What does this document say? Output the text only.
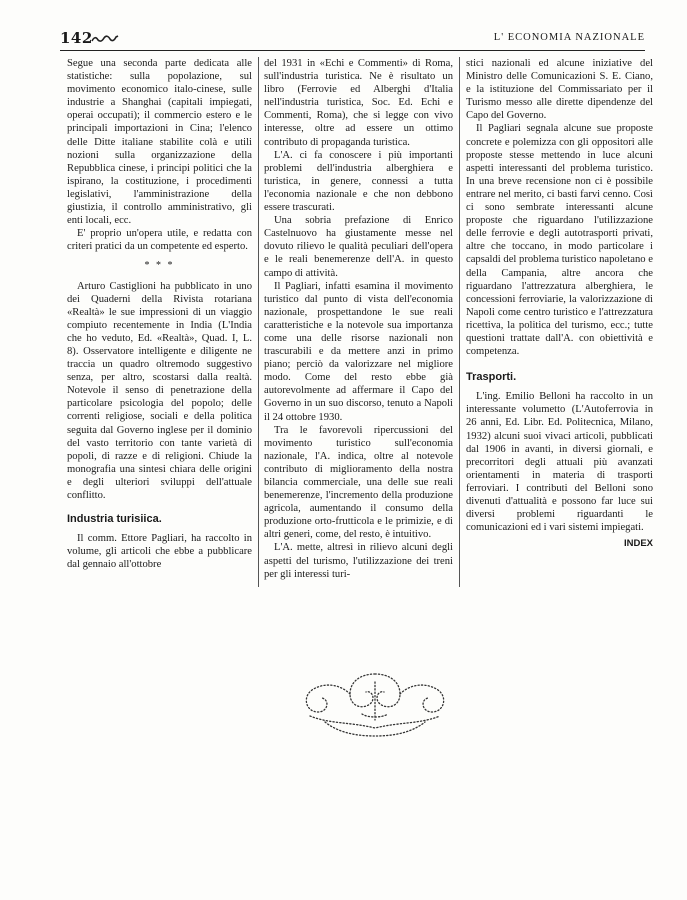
142	L' ECONOMIA NAZIONALE

Segue una seconda parte dedicata alle statistiche: sulla popolazione, sul movimento economico italo-cinese, sulle industrie a Shanghai (capitali impiegati, operai occupati); il commercio estero e le principali importazioni in Cina; l'elenco delle Ditte italiane stabilite colà e utili nozioni sulla organizzazione della Repubblica cinese, i principi politici che la ispirano, la costituzione, i procedimenti legislativi, l'amministrazione della giustizia, il controllo amministrativo, gli enti locali, ecc.

E' proprio un'opera utile, e redatta con criteri pratici da un competente ed esperto.

* * *

Arturo Castiglioni ha pubblicato in uno dei Quaderni della Rivista rotariana «Realtà» le sue impressioni di un viaggio compiuto recentemente in India (L'India che ho veduto, Ed. «Realtà», Quad. I, L. 8). Osservatore intelligente e diligente ne traccia un quadro oltremodo suggestivo senza, per altro, scostarsi dalla realtà. Notevole il senso di penetrazione della particolare psicologia del popolo; delle correnti religiose, sociali e della politica seguita dal Governo inglese per il dominio del vasto territorio con tante varietà di popoli, di razze e di religioni. Chiude la monografia una sintesi chiara delle origini e degli ulteriori sviluppi dell'attuale conflitto.

Industria turisiica.

Il comm. Ettore Pagliari, ha raccolto in volume, gli articoli che ebbe a pubblicare dal gennaio all'ottobre

del 1931 in «Echi e Commenti» di Roma, sull'industria turistica. Ne è risultato un libro (Ferrovie ed Alberghi d'Italia nell'industria turistica, Soc. Ed. Echi e Commenti, Roma), che si legge con vivo interesse, oltre ad essere un ottimo contributo di propaganda turistica.

L'A. ci fa conoscere i più importanti problemi dell'industria alberghiera e turistica, in genere, connessi a tutta l'economia nazionale e che non debbono essere trascurati.

Una sobria prefazione di Enrico Castelnuovo ha giustamente messe nel dovuto rilievo le qualità peculiari dell'opera e le reali benemerenze dell'A. in questo campo di attività.

Il Pagliari, infatti esamina il movimento turistico dal punto di vista dell'economia nazionale, prospettandone le sue reali caratteristiche e la notevole sua importanza come una delle risorse nazionali non trascurabili e da mettere anzi in primo piano; perciò da valorizzare nel migliore modo. Come del resto ebbe già autorevolmente ad affermare il Capo del Governo in un suo discorso, tenuto a Napoli il 24 ottobre 1930.

Tra le favorevoli ripercussioni del movimento turistico sull'economia nazionale, l'A. indica, oltre al notevole contributo di miglioramento della nostra bilancia commerciale, una delle sue reali benemerenze, l'incremento della produzione agricola, aumentando il consumo della produzione orto-frutticola e le primizie, e di altri generi, come, del resto, è intuitivo.

L'A. mette, altresì in rilievo alcuni degli aspetti del turismo, l'utilizzazione dei treni per gli interessi turi-

stici nazionali ed alcune iniziative del Ministro delle Comunicazioni S. E. Ciano, e la istituzione del Commissariato per il Turismo messo alle dirette dipendenze del Capo del Governo.

Il Pagliari segnala alcune sue proposte concrete e polemizza con gli oppositori alle proposte stesse mettendo in luce alcuni aspetti interessanti del problema turistico. In una breve recensione non ci è possibile entrare nel merito, ci basti farvi cenno. Così ci sono sembrate interessanti alcune proposte che riguardano l'utilizzazione delle ferrovie e degli autotrasporti privati, altre che toccano, in modo particolare i capsaldi del problema turistico napoletano e della Campania, altre ancora che riguardano l'attrezzatura alberghiera, le concessioni ferroviarie, la valorizzazione di Napoli come centro turistico e l'attrezzatura ricettiva, la politica del turismo, ecc.; tutte questioni trattate dall'A. con obiettività e competenza.

Trasporti.

L'ing. Emilio Belloni ha raccolto in un interessante volumetto (L'Autoferrovia in 26 anni, Ed. Libr. Ed. Politecnica, Milano, 1932) alcuni suoi vivaci articoli, pubblicati dal 1906 in avanti, in diversi giornali, e precorritori degli attuali più avanzati orientamenti in materia di trasporti ferroviari. I contributi del Belloni sono divenuti d'attualità e possono far luce sui diversi problemi riguardanti le comunicazioni ed i vari sistemi impiegati.

INDEX
